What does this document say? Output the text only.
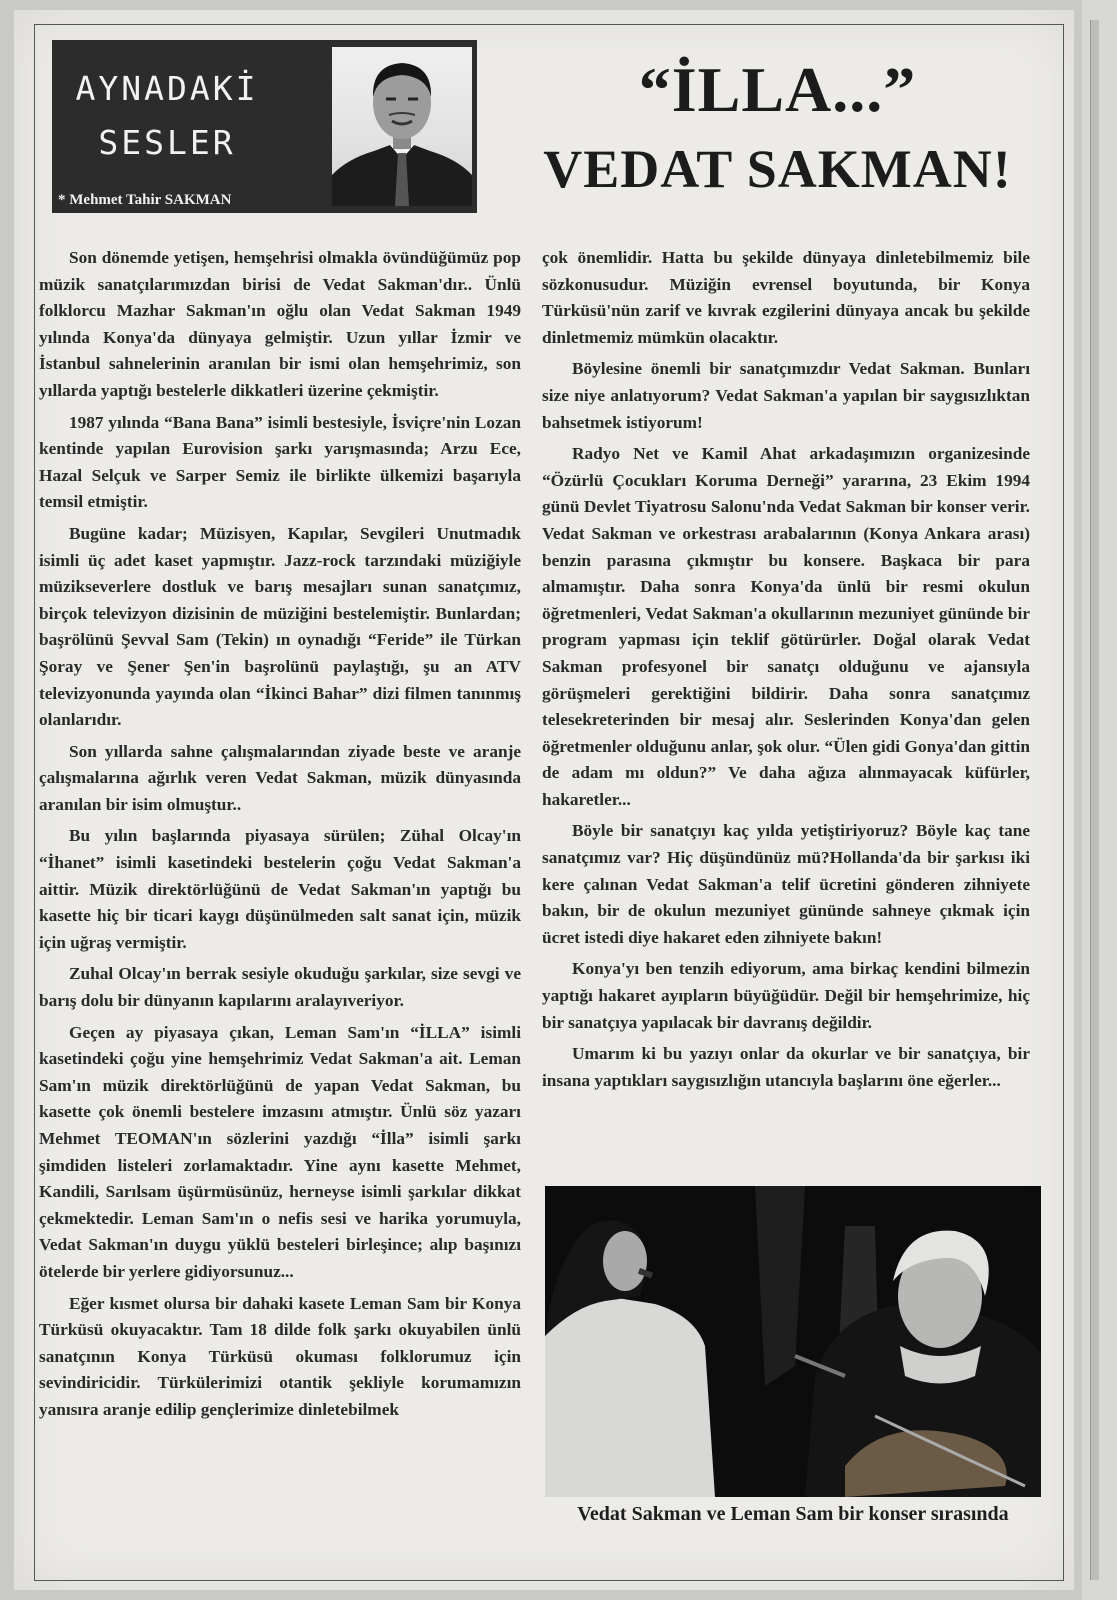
AYNADAKİ
SESLER
* Mehmet Tahir SAKMAN
“İLLA...”
VEDAT SAKMAN!

Son dönemde yetişen, hemşehrisi olmakla övündüğümüz pop müzik sanatçılarımızdan birisi de Vedat Sakman'dır.. Ünlü folklorcu Mazhar Sakman'ın oğlu olan Vedat Sakman 1949 yılında Konya'da dünyaya gelmiştir. Uzun yıllar İzmir ve İstanbul sahnelerinin aranılan bir ismi olan hemşehrimiz, son yıllarda yaptığı bestelerle dikkatleri üzerine çekmiştir.

1987 yılında “Bana Bana” isimli bestesiyle, İsviçre'nin Lozan kentinde yapılan Eurovision şarkı yarışmasında; Arzu Ece, Hazal Selçuk ve Sarper Semiz ile birlikte ülkemizi başarıyla temsil etmiştir.

Bugüne kadar; Müzisyen, Kapılar, Sevgileri Unutmadık isimli üç adet kaset yapmıştır. Jazz-rock tarzındaki müziğiyle müzikseverlere dostluk ve barış mesajları sunan sanatçımız, birçok televizyon dizisinin de müziğini bestelemiştir. Bunlardan; başrölünü Şevval Sam (Tekin) ın oynadığı “Feride” ile Türkan Şoray ve Şener Şen'in başrolünü paylaştığı, şu an ATV televizyonunda yayında olan “İkinci Bahar” dizi filmen tanınmış olanlarıdır.

Son yıllarda sahne çalışmalarından ziyade beste ve aranje çalışmalarına ağırlık veren Vedat Sakman, müzik dünyasında aranılan bir isim olmuştur..

Bu yılın başlarında piyasaya sürülen; Zühal Olcay'ın “İhanet” isimli kasetindeki bestelerin çoğu Vedat Sakman'a aittir. Müzik direktörlüğünü de Vedat Sakman'ın yaptığı bu kasette hiç bir ticari kaygı düşünülmeden salt sanat için, müzik için uğraş vermiştir.

Zuhal Olcay'ın berrak sesiyle okuduğu şarkılar, size sevgi ve barış dolu bir dünyanın kapılarını aralayıveriyor.

Geçen ay piyasaya çıkan, Leman Sam'ın “İLLA” isimli kasetindeki çoğu yine hemşehrimiz Vedat Sakman'a ait. Leman Sam'ın müzik direktörlüğünü de yapan Vedat Sakman, bu kasette çok önemli bestelere imzasını atmıştır. Ünlü söz yazarı Mehmet TEOMAN'ın sözlerini yazdığı “İlla” isimli şarkı şimdiden listeleri zorlamaktadır. Yine aynı kasette Mehmet, Kandili, Sarılsam üşürmüsünüz, herneyse isimli şarkılar dikkat çekmektedir. Leman Sam'ın o nefis sesi ve harika yorumuyla, Vedat Sakman'ın duygu yüklü besteleri birleşince; alıp başınızı ötelerde bir yerlere gidiyorsunuz...

Eğer kısmet olursa bir dahaki kasete Leman Sam bir Konya Türküsü okuyacaktır. Tam 18 dilde folk şarkı okuyabilen ünlü sanatçının Konya Türküsü okuması folklorumuz için sevindiricidir. Türkülerimizi otantik şekliyle korumamızın yanısıra aranje edilip gençlerimize dinletebilmek

çok önemlidir. Hatta bu şekilde dünyaya dinletebilmemiz bile sözkonusudur. Müziğin evrensel boyutunda, bir Konya Türküsü'nün zarif ve kıvrak ezgilerini dünyaya ancak bu şekilde dinletmemiz mümkün olacaktır.

Böylesine önemli bir sanatçımızdır Vedat Sakman. Bunları size niye anlatıyorum? Vedat Sakman'a yapılan bir saygısızlıktan bahsetmek istiyorum!

Radyo Net ve Kamil Ahat arkadaşımızın organizesinde “Özürlü Çocukları Koruma Derneği” yararına, 23 Ekim 1994 günü Devlet Tiyatrosu Salonu'nda Vedat Sakman bir konser verir. Vedat Sakman ve orkestrası arabalarının (Konya Ankara arası) benzin parasına çıkmıştır bu konsere. Başkaca bir para almamıştır. Daha sonra Konya'da ünlü bir resmi okulun öğretmenleri, Vedat Sakman'a okullarının mezuniyet gününde bir program yapması için teklif götürürler. Doğal olarak Vedat Sakman profesyonel bir sanatçı olduğunu ve ajansıyla görüşmeleri gerektiğini bildirir. Daha sonra sanatçımız telesekreterinden bir mesaj alır. Seslerinden Konya'dan gelen öğretmenler olduğunu anlar, şok olur. “Ülen gidi Gonya'dan gittin de adam mı oldun?” Ve daha ağıza alınmayacak küfürler, hakaretler...

Böyle bir sanatçıyı kaç yılda yetiştiriyoruz? Böyle kaç tane sanatçımız var? Hiç düşündünüz mü?Hollanda'da bir şarkısı iki kere çalınan Vedat Sakman'a telif ücretini gönderen zihniyete bakın, bir de okulun mezuniyet gününde sahneye çıkmak için ücret istedi diye hakaret eden zihniyete bakın!

Konya'yı ben tenzih ediyorum, ama birkaç kendini bilmezin yaptığı hakaret ayıpların büyüğüdür. Değil bir hemşehrimize, hiç bir sanatçıya yapılacak bir davranış değildir.

Umarım ki bu yazıyı onlar da okurlar ve bir sanatçıya, bir insana yaptıkları saygısızlığın utancıyla başlarını öne eğerler...

Vedat Sakman ve Leman Sam bir konser sırasında
